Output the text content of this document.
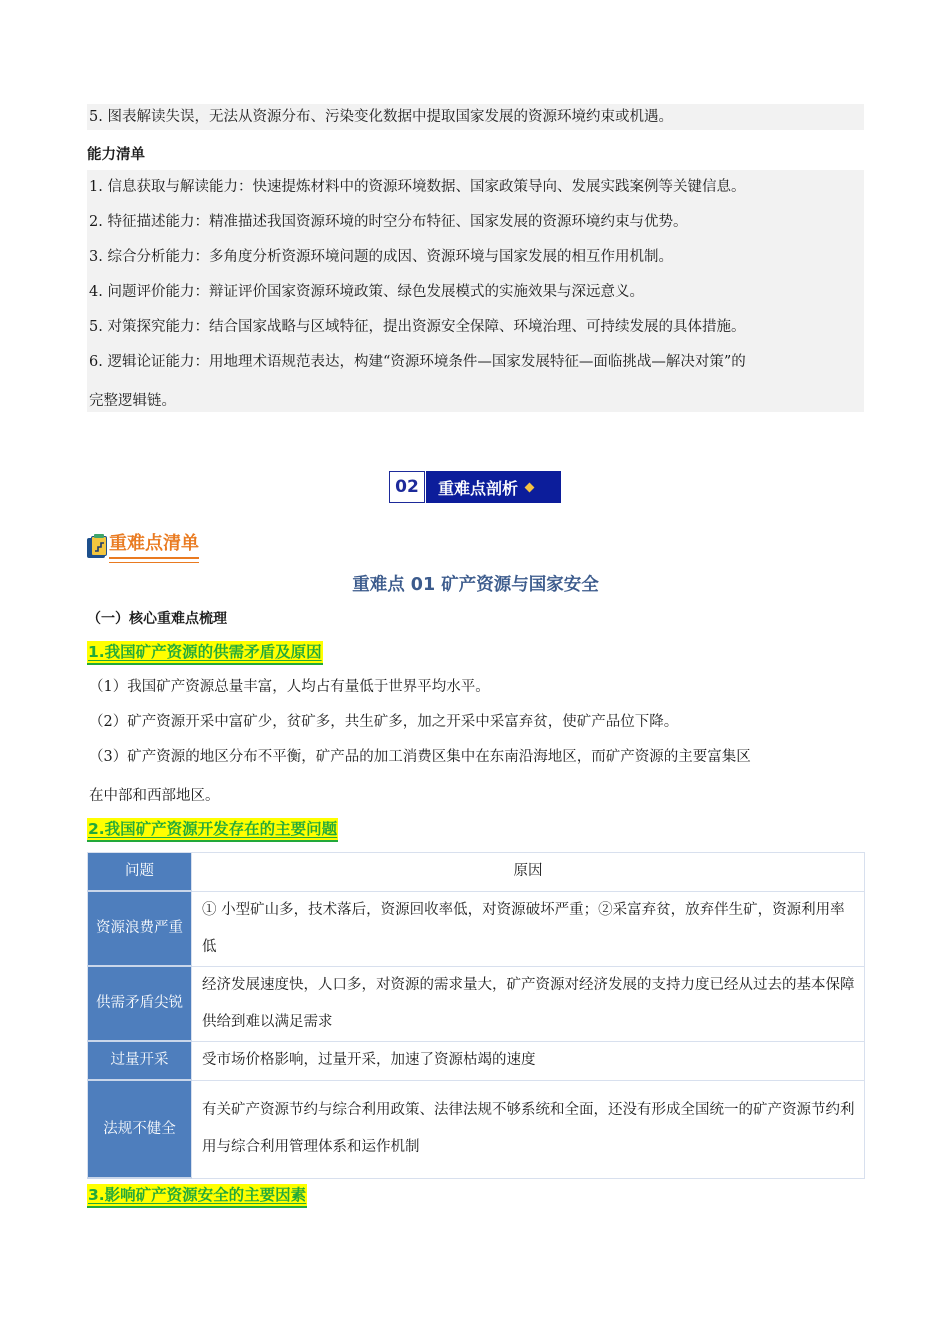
5. 图表解读失误，无法从资源分布、污染变化数据中提取国家发展的资源环境约束或机遇。
能力清单
1. 信息获取与解读能力：快速提炼材料中的资源环境数据、国家政策导向、发展实践案例等关键信息。
2. 特征描述能力：精准描述我国资源环境的时空分布特征、国家发展的资源环境约束与优势。
3. 综合分析能力：多角度分析资源环境问题的成因、资源环境与国家发展的相互作用机制。
4. 问题评价能力：辩证评价国家资源环境政策、绿色发展模式的实施效果与深远意义。
5. 对策探究能力：结合国家战略与区域特征，提出资源安全保障、环境治理、可持续发展的具体措施。
6. 逻辑论证能力：用地理术语规范表达，构建“资源环境条件—国家发展特征—面临挑战—解决对策”的
完整逻辑链。
02	重难点剖析
重难点清单
重难点 01 矿产资源与国家安全
（一）核心重难点梳理
1.我国矿产资源的供需矛盾及原因
（1）我国矿产资源总量丰富，人均占有量低于世界平均水平。
（2）矿产资源开采中富矿少，贫矿多，共生矿多，加之开采中采富弃贫，使矿产品位下降。
（3）矿产资源的地区分布不平衡，矿产品的加工消费区集中在东南沿海地区，而矿产资源的主要富集区
在中部和西部地区。
2.我国矿产资源开发存在的主要问题
问题	原因
资源浪费严重	① 小型矿山多，技术落后，资源回收率低，对资源破坏严重；②采富弃贫，放弃伴生矿，资源利用率低
供需矛盾尖锐	经济发展速度快，人口多，对资源的需求量大，矿产资源对经济发展的支持力度已经从过去的基本保障供给到难以满足需求
过量开采	受市场价格影响，过量开采，加速了资源枯竭的速度
法规不健全	有关矿产资源节约与综合利用政策、法律法规不够系统和全面，还没有形成全国统一的矿产资源节约利用与综合利用管理体系和运作机制
3.影响矿产资源安全的主要因素
